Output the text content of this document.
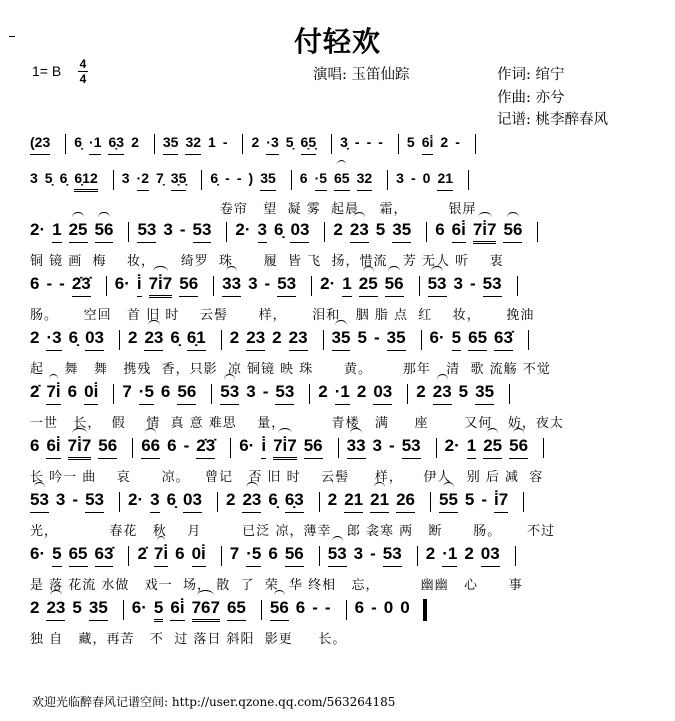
付轻欢
1= B 4
4	演唱: 玉笛仙踪	作词: 绾宁
作曲: 亦兮
记谱: 桃李醉春风
(23 6̣ ·1 6̣3 2 35 32 1 - 2 ·3 5̣ 6̣5̣ 3̣ - - - 5 6i̇ 2 -
3 5̣ 6̣ 6̣12 3 ·2 7̣ 3̣5̣ 6̣ - - ) 35 6 ·5 65 32 3 - 0 21
卷帘   望  凝 雾  起晨    霜，        银屏
2· 1 25 56 53 3 - 53 2· 3 6̣ 03 2 23 5 35 6 6i̇ 7i̇7 56
铜 镜 画  梅    妆，     绮罗  珠      履  皆 飞  扬，惜流   芳 无人 听    衷
6 - - 2̇3̇ 6· i̇ 7i̇7 56 33 3 - 53 2· 1 25 56 53 3 - 53
肠。     空回   首 旧 时    云髻      样，     泪和   胭 脂 点  红    妆，     挽油
2 ·3 6̣ 03 2 23 6̣ 6̣1 2 23 2 23 35 5 - 35 6· 5 65 63̇
起    舞   舞   携残  香，只影  凉 铜镜 映 珠      黄。      那年   清  歌 流觞 不觉
2̇ 7i̇ 6 0i̇ 7 ·5 6 56 53 3 - 53 2 ·1 2 03 2 23 5 35
一世   长，  假    情  真 意 难思    量，         青楼   满     座       又何   妨，夜太
6 6i̇ 7i̇7 56 66 6 - 2̇3̇ 6· i̇ 7i̇7 56 33 3 - 53 2· 1 25 56
长 吟一 曲    哀      凉。   曾记   否 旧 时    云髻     样，    伊人   别 后 减  容
53 3 - 53 2· 3 6̣ 03 2 23 6̣ 6̣3 2 21 21 26 55 5 - i̇7
光，          春花   秋    月        已泛 凉，薄幸   郎 衾寒 两   断      肠。     不过
6· 5 65 63̇ 2̇ 7i̇ 6 0i̇ 7 ·5 6 56 53 3 - 53 2 ·1 2 03
是 落 花流 水做   戏一  场， 散  了  荣  华 终相   忘，        幽幽   心      事
2 23 5 35 6· 5 6i̇ 767 65 56 6 - - 6 - 0 0
独 自   藏，再苦   不  过 落日 斜阳  影更     长。
欢迎光临醉春风记谱空间: http://user.qzone.qq.com/563264185
